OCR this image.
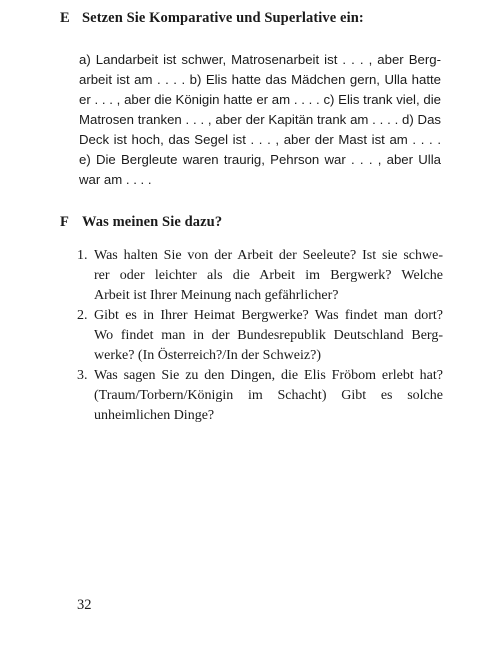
E Setzen Sie Komparative und Superlative ein:
a) Landarbeit ist schwer, Matrosenarbeit ist . . . , aber Berg-
arbeit ist am . . . . b) Elis hatte das Mädchen gern, Ulla hatte
er . . . , aber die Königin hatte er am . . . . c) Elis trank viel, die
Matrosen tranken . . . , aber der Kapitän trank am . . . . d) Das
Deck ist hoch, das Segel ist . . . , aber der Mast ist am . . . .
e) Die Bergleute waren traurig, Pehrson war . . . , aber Ulla
war am . . . .
F Was meinen Sie dazu?
1. Was halten Sie von der Arbeit der Seeleute? Ist sie schwe-
rer oder leichter als die Arbeit im Bergwerk? Welche
Arbeit ist Ihrer Meinung nach gefährlicher?
2. Gibt es in Ihrer Heimat Bergwerke? Was findet man dort?
Wo findet man in der Bundesrepublik Deutschland Berg-
werke? (In Österreich?/In der Schweiz?)
3. Was sagen Sie zu den Dingen, die Elis Fröbom erlebt hat?
(Traum/Torbern/Königin im Schacht) Gibt es solche
unheimlichen Dinge?
32
